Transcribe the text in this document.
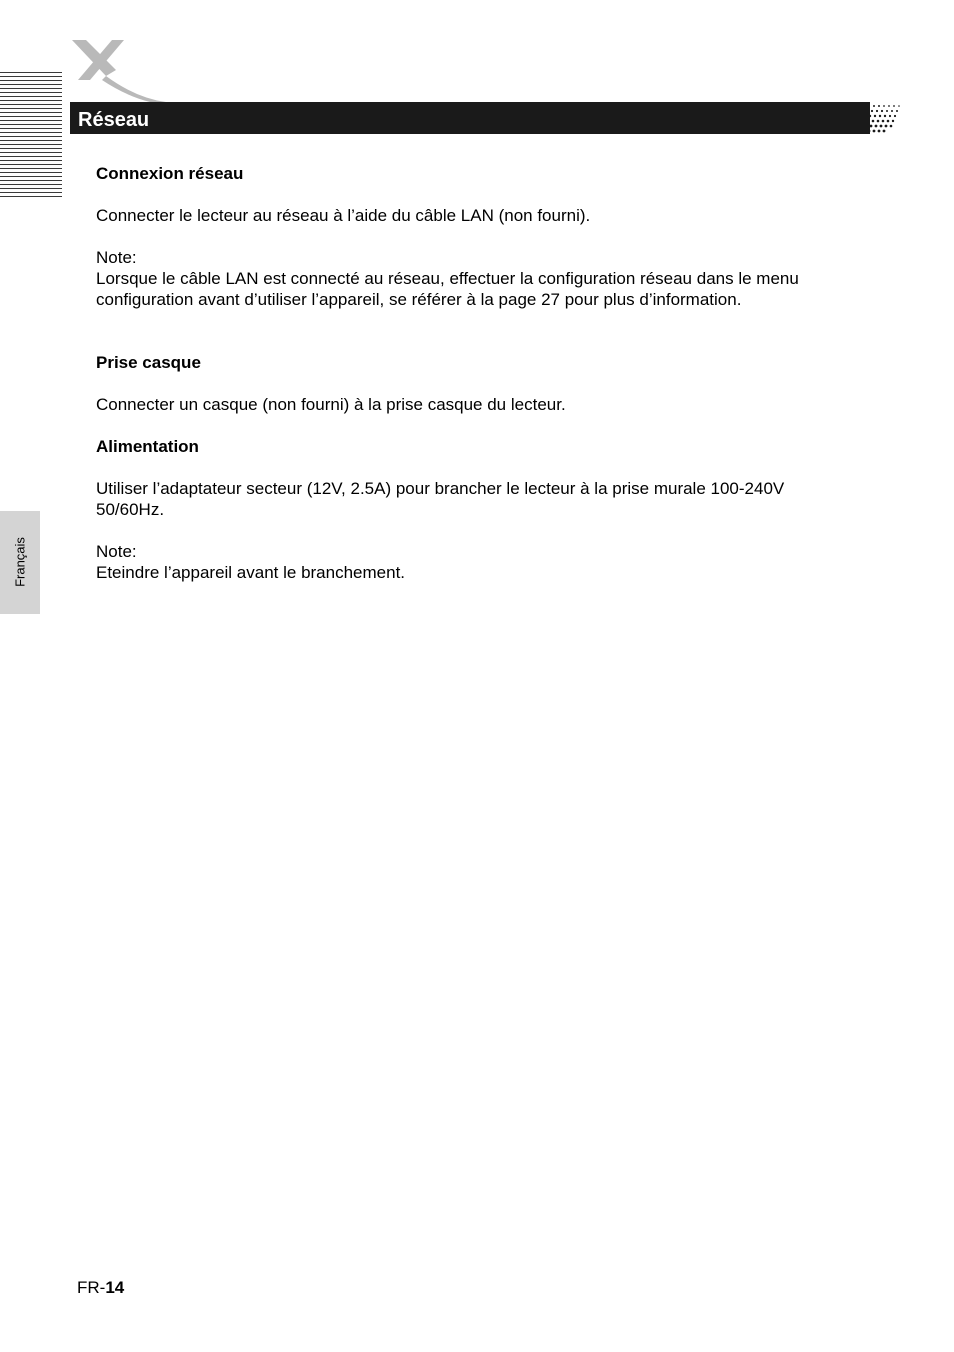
Réseau
Français

Connexion réseau

Connecter le lecteur au réseau à l’aide du câble LAN (non fourni).

Note:

Lorsque le câble LAN est connecté au réseau, effectuer la configuration réseau dans le menu

configuration avant d’utiliser l’appareil, se référer à la page 27 pour plus d’information.

Prise casque

Connecter un casque (non fourni) à la prise casque du lecteur.

Alimentation

Utiliser l’adaptateur secteur (12V, 2.5A) pour brancher le lecteur à la prise murale 100-240V

50/60Hz.

Note:

Eteindre l’appareil avant le branchement.

FR-14
